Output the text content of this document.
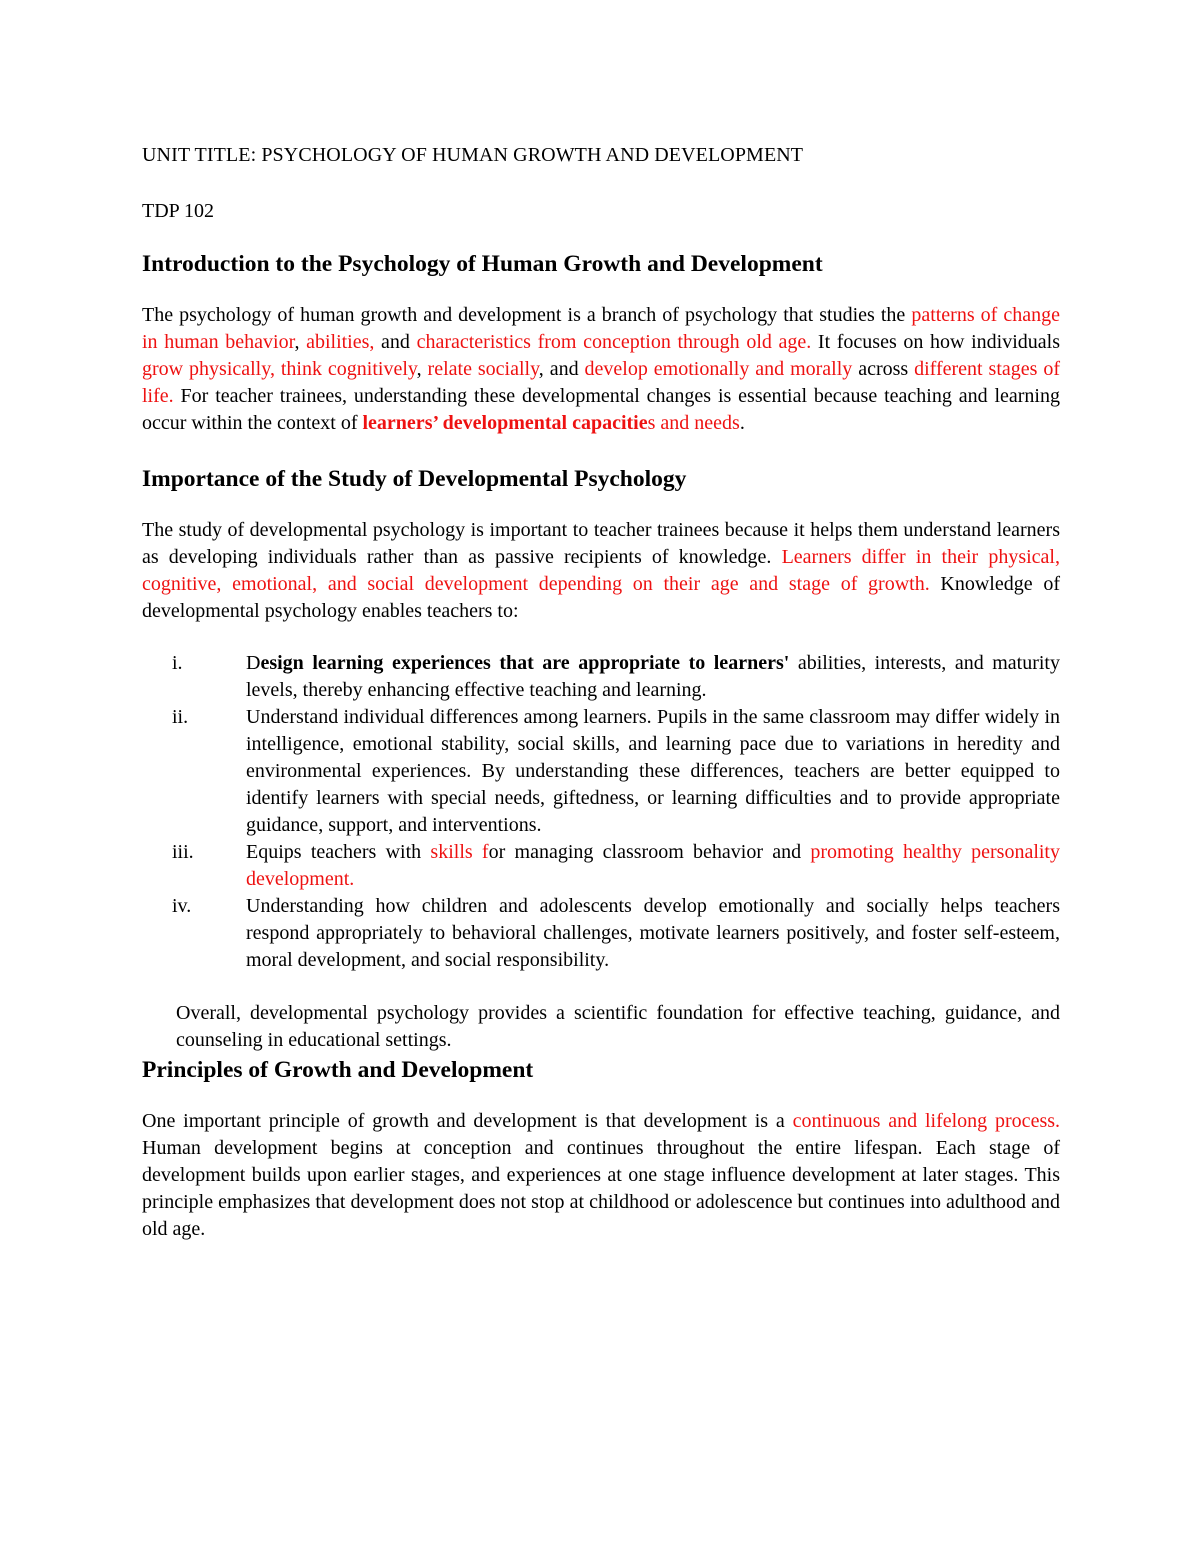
UNIT TITLE: PSYCHOLOGY OF HUMAN GROWTH AND DEVELOPMENT
TDP 102
Introduction to the Psychology of Human Growth and Development

The psychology of human growth and development is a branch of psychology that studies the patterns of change in human behavior, abilities, and characteristics from conception through old age. It focuses on how individuals grow physically, think cognitively, relate socially, and develop emotionally and morally across different stages of life. For teacher trainees, understanding these developmental changes is essential because teaching and learning occur within the context of learners’ developmental capacities and needs.

Importance of the Study of Developmental Psychology

The study of developmental psychology is important to teacher trainees because it helps them understand learners as developing individuals rather than as passive recipients of knowledge. Learners differ in their physical, cognitive, emotional, and social development depending on their age and stage of growth. Knowledge of developmental psychology enables teachers to:

i.	Design learning experiences that are appropriate to learners' abilities, interests, and maturity levels, thereby enhancing effective teaching and learning.
ii.	Understand individual differences among learners. Pupils in the same classroom may differ widely in intelligence, emotional stability, social skills, and learning pace due to variations in heredity and environmental experiences. By understanding these differences, teachers are better equipped to identify learners with special needs, giftedness, or learning difficulties and to provide appropriate guidance, support, and interventions.
iii.	Equips teachers with skills for managing classroom behavior and promoting healthy personality development.
iv.	Understanding how children and adolescents develop emotionally and socially helps teachers respond appropriately to behavioral challenges, motivate learners positively, and foster self-esteem, moral development, and social responsibility.

Overall, developmental psychology provides a scientific foundation for effective teaching, guidance, and counseling in educational settings.

Principles of Growth and Development

One important principle of growth and development is that development is a continuous and lifelong process. Human development begins at conception and continues throughout the entire lifespan. Each stage of development builds upon earlier stages, and experiences at one stage influence development at later stages. This principle emphasizes that development does not stop at childhood or adolescence but continues into adulthood and old age.
